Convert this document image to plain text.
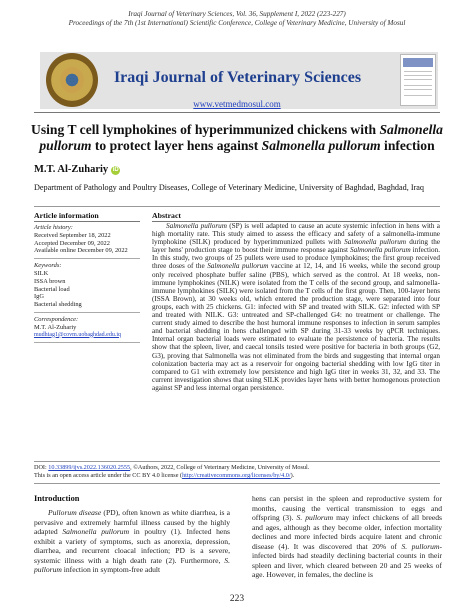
Iraqi Journal of Veterinary Sciences, Vol. 36, Supplement I, 2022 (223-227)
Proceedings of the 7th (1st International) Scientific Conference, College of Veterinary Medicine, University of Mosul
Iraqi Journal of Veterinary Sciences
www.vetmedmosul.com
Using T cell lymphokines of hyperimmunized chickens with Salmonella pullorum to protect layer hens against Salmonella pullorum infection
M.T. Al-Zuhariy iD
Department of Pathology and Poultry Diseases, College of Veterinary Medicine, University of Baghdad, Baghdad, Iraq
Article information
Article history:
Received September 18, 2022
Accepted December 09, 2022
Available online December 09, 2022
Keywords:
SILK
ISSA brown
Bacterial load
IgG
Bacterial shedding
Correspondence:
M.T. Al-Zuhariy
mudhtag1@covm.uobaghdad.edu.iq
Abstract

Salmonella pullorum (SP) is well adapted to cause an acute systemic infection in hens with a high mortality rate. This study aimed to assess the efficacy and safety of a salmonella-immune lymphokine (SILK) produced by hyperimmunized pullets with Salmonella pullorum during the layer hens' production stage to boost their immune response against Salmonella pullorum infection. In this study, two groups of 25 pullets were used to produce lymphokines; the first group received three doses of the Salmonella pullorum vaccine at 12, 14, and 16 weeks, while the second group only received phosphate buffer saline (PBS), which served as the control. At 18 weeks, non-immune lymphokines (NILK) were isolated from the T cells of the second group, and salmonella-immune lymphokines (SILK) were isolated from the T cells of the first group. Then, 100-layer hens (ISSA Brown), at 30 weeks old, which entered the production stage, were separated into four groups, each with 25 chickens. G1: infected with SP and treated with SILK. G2: infected with SP and treated with NILK. G3: untreated and SP-challenged G4: no treatment or challenge. The current study aimed to describe the host humoral immune responses to infection in serum samples and bacterial shedding in hens challenged with SP during 31-33 weeks by qPCR techniques. Internal organ bacterial loads were estimated to evaluate the persistence of bacteria. The results show that the spleen, liver, and caecal tonsils tested were positive for bacteria in both groups (G2, G3), proving that Salmonella was not eliminated from the birds and suggesting that internal organ colonization bacteria may act as a reservoir for ongoing bacterial shedding with low IgG titer in compared to G1 with extremely low persistence and high IgG titer in weeks 31, 32, and 33. The current investigation shows that using SILK provides layer hens with better homogenous protection against SP and less internal organ persistence.

DOI: 10.33899/ijvs.2022.136020.2555, ©Authors, 2022, College of Veterinary Medicine, University of Mosul.
This is an open access article under the CC BY 4.0 license (http://creativecommons.org/licenses/by/4.0/).
Introduction
Pullorum disease (PD), often known as white diarrhea, is a pervasive and extremely harmful illness caused by the highly adapted Salmonella pullorum in poultry (1). Infected hens exhibit a variety of symptoms, such as anorexia, depression, diarrhea, and recurrent cloacal infection; PD is a severe, systemic illness with a high death rate (2). Furthermore, S. pullorum infection in symptom-free adult
hens can persist in the spleen and reproductive system for months, causing the vertical transmission to eggs and offspring (3). S. pullorum may infect chickens of all breeds and ages, although as they become older, infection mortality declines and more infected birds acquire latent and chronic disease (4). It was discovered that 20% of S. pullorum-infected birds had steadily declining bacterial counts in their spleen and liver, which cleared between 20 and 25 weeks of age. However, in females, the decline is
223
